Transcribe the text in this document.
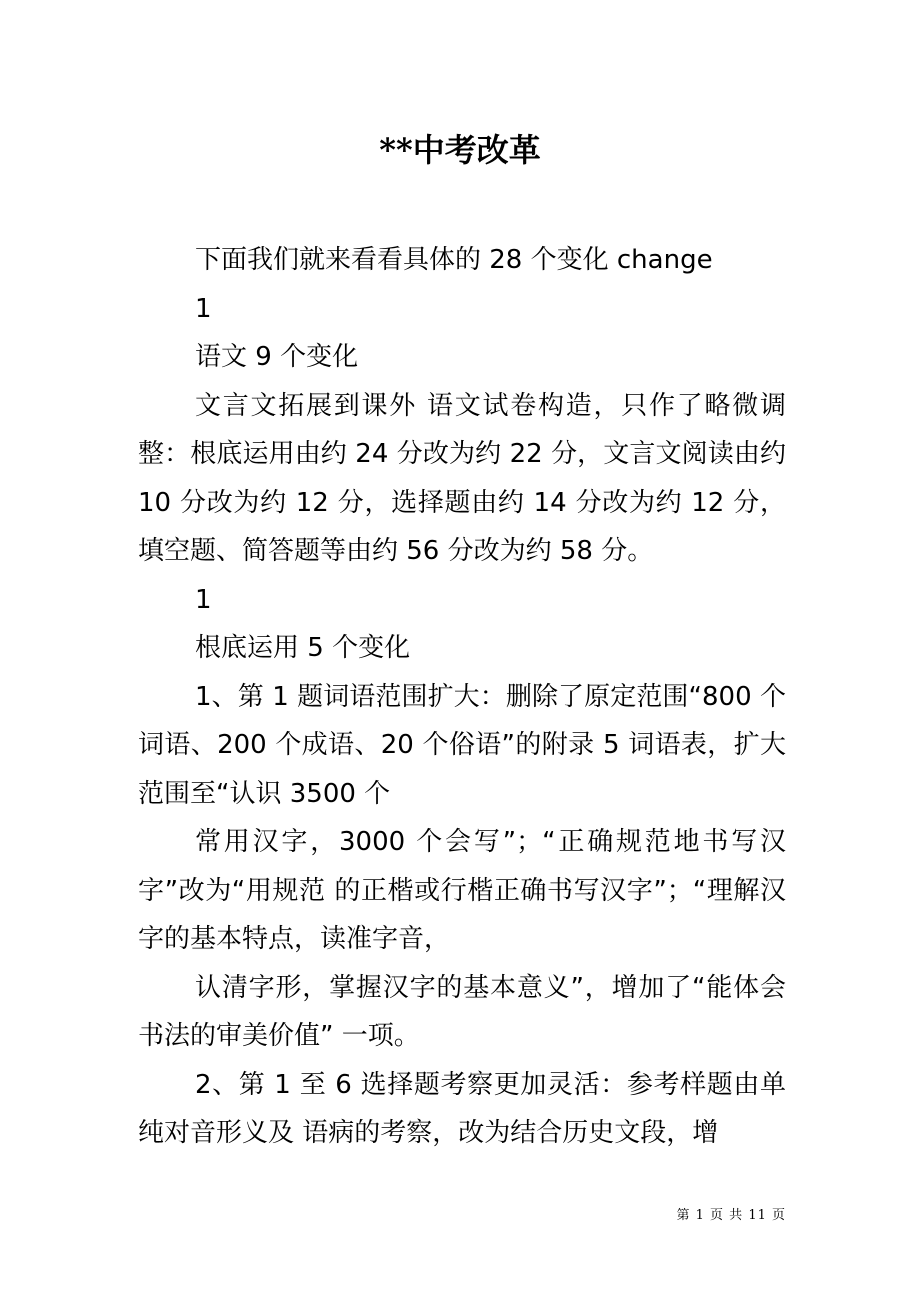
**中考改革

下面我们就来看看具体的 28 个变化 change

1

语文 9 个变化

文言文拓展到课外 语文试卷构造，只作了略微调整：根底运用由约 24 分改为约 22 分，文言文阅读由约 10 分改为约 12 分，选择题由约 14 分改为约 12 分，填空题、简答题等由约 56 分改为约 58 分。

1

根底运用 5 个变化

1、第 1 题词语范围扩大：删除了原定范围“800 个词语、200 个成语、20 个俗语”的附录 5 词语表，扩大范围至“认识 3500 个

常用汉字，3000 个会写”；“正确规范地书写汉字”改为“用规范 的正楷或行楷正确书写汉字”；“理解汉字的基本特点，读准字音，

认清字形，掌握汉字的基本意义”，增加了“能体会书法的审美价值” 一项。

2、第 1 至 6 选择题考察更加灵活：参考样题由单纯对音形义及 语病的考察，改为结合历史文段，增

第 1 页 共 11 页
